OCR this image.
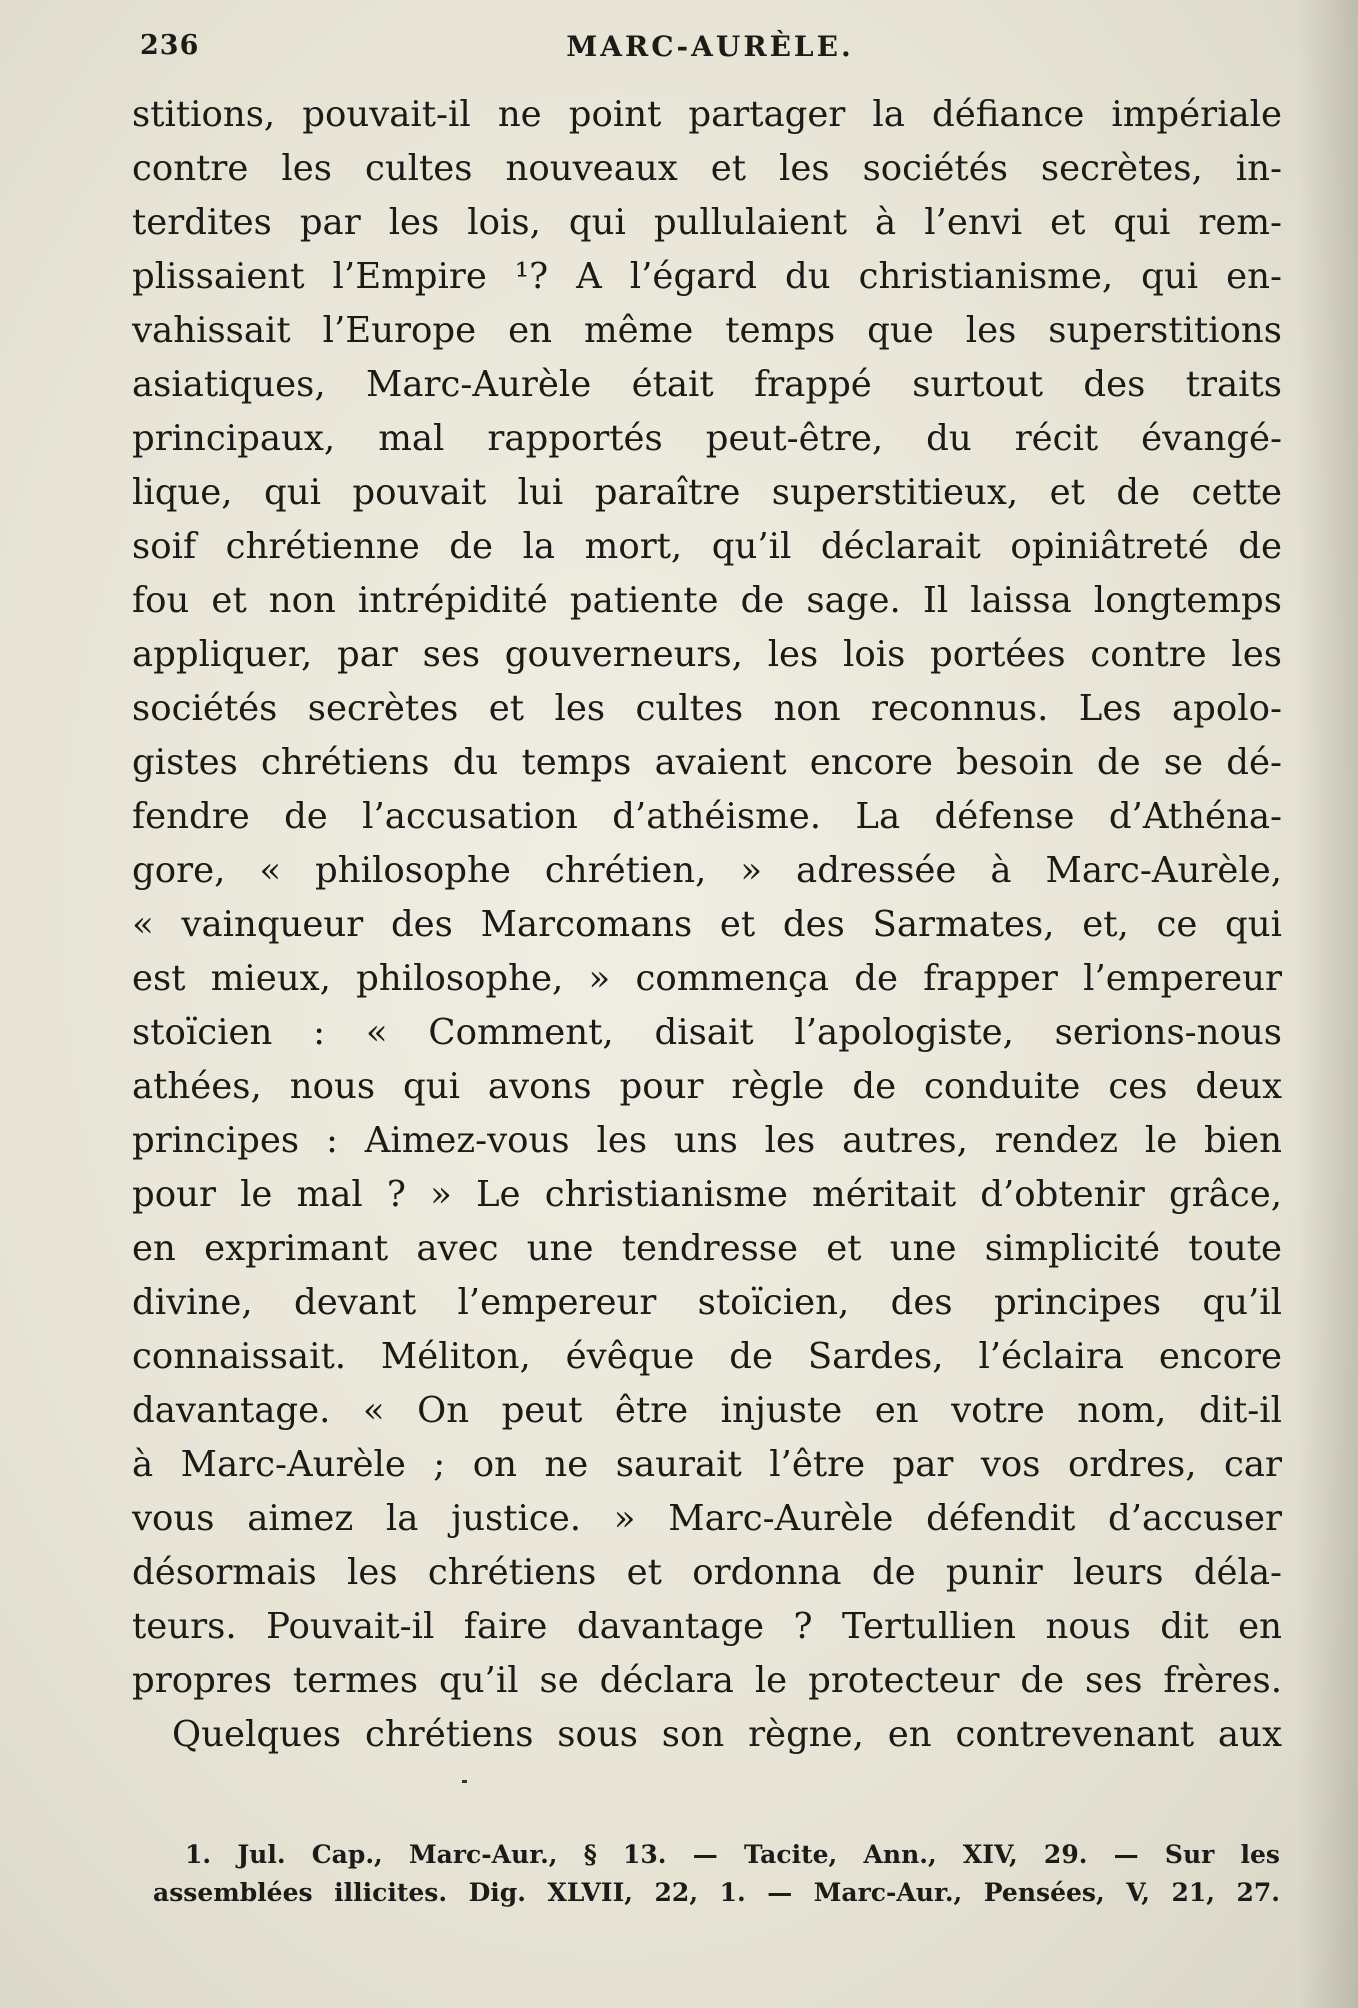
236	MARC-AURÈLE.
stitions, pouvait-il ne point partager la défiance impériale
contre les cultes nouveaux et les sociétés secrètes, in-
terdites par les lois, qui pullulaient à l’envi et qui rem-
plissaient l’Empire ¹? A l’égard du christianisme, qui en-
vahissait l’Europe en même temps que les superstitions
asiatiques, Marc-Aurèle était frappé surtout des traits
principaux, mal rapportés peut-être, du récit évangé-
lique, qui pouvait lui paraître superstitieux, et de cette
soif chrétienne de la mort, qu’il déclarait opiniâtreté de
fou et non intrépidité patiente de sage. Il laissa longtemps
appliquer, par ses gouverneurs, les lois portées contre les
sociétés secrètes et les cultes non reconnus. Les apolo-
gistes chrétiens du temps avaient encore besoin de se dé-
fendre de l’accusation d’athéisme. La défense d’Athéna-
gore, « philosophe chrétien, » adressée à Marc-Aurèle,
« vainqueur des Marcomans et des Sarmates, et, ce qui
est mieux, philosophe, » commença de frapper l’empereur
stoïcien : « Comment, disait l’apologiste, serions-nous
athées, nous qui avons pour règle de conduite ces deux
principes : Aimez-vous les uns les autres, rendez le bien
pour le mal ? » Le christianisme méritait d’obtenir grâce,
en exprimant avec une tendresse et une simplicité toute
divine, devant l’empereur stoïcien, des principes qu’il
connaissait. Méliton, évêque de Sardes, l’éclaira encore
davantage. « On peut être injuste en votre nom, dit-il
à Marc-Aurèle ; on ne saurait l’être par vos ordres, car
vous aimez la justice. » Marc-Aurèle défendit d’accuser
désormais les chrétiens et ordonna de punir leurs déla-
teurs. Pouvait-il faire davantage ? Tertullien nous dit en
propres termes qu’il se déclara le protecteur de ses frères.
Quelques chrétiens sous son règne, en contrevenant aux
1. Jul. Cap., Marc-Aur., § 13. — Tacite, Ann., XIV, 29. — Sur les
assemblées illicites. Dig. XLVII, 22, 1. — Marc-Aur., Pensées, V, 21, 27.
